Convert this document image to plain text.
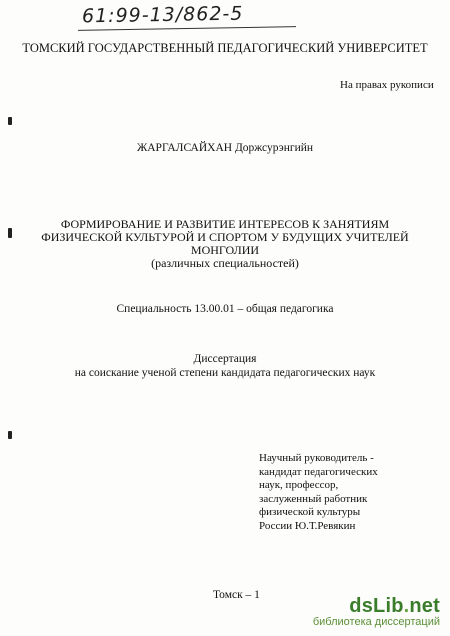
61:99-13/862-5
ТОМСКИЙ ГОСУДАРСТВЕННЫЙ ПЕДАГОГИЧЕСКИЙ УНИВЕРСИТЕТ
На правах рукописи
ЖАРГАЛСАЙХАН Доржсурэнгийн
ФОРМИРОВАНИЕ И РАЗВИТИЕ ИНТЕРЕСОВ К ЗАНЯТИЯМ
ФИЗИЧЕСКОЙ КУЛЬТУРОЙ И СПОРТОМ У БУДУЩИХ УЧИТЕЛЕЙ
МОНГОЛИИ
(различных специальностей)
Специальность 13.00.01 – общая педагогика
Диссертация
на соискание ученой степени кандидата педагогических наук
Научный руководитель -
кандидат педагогических
наук, профессор,
заслуженный работник
физической культуры
России Ю.Т.Ревякин
Томск – 1	dsLib.net
библиотека диссертаций
